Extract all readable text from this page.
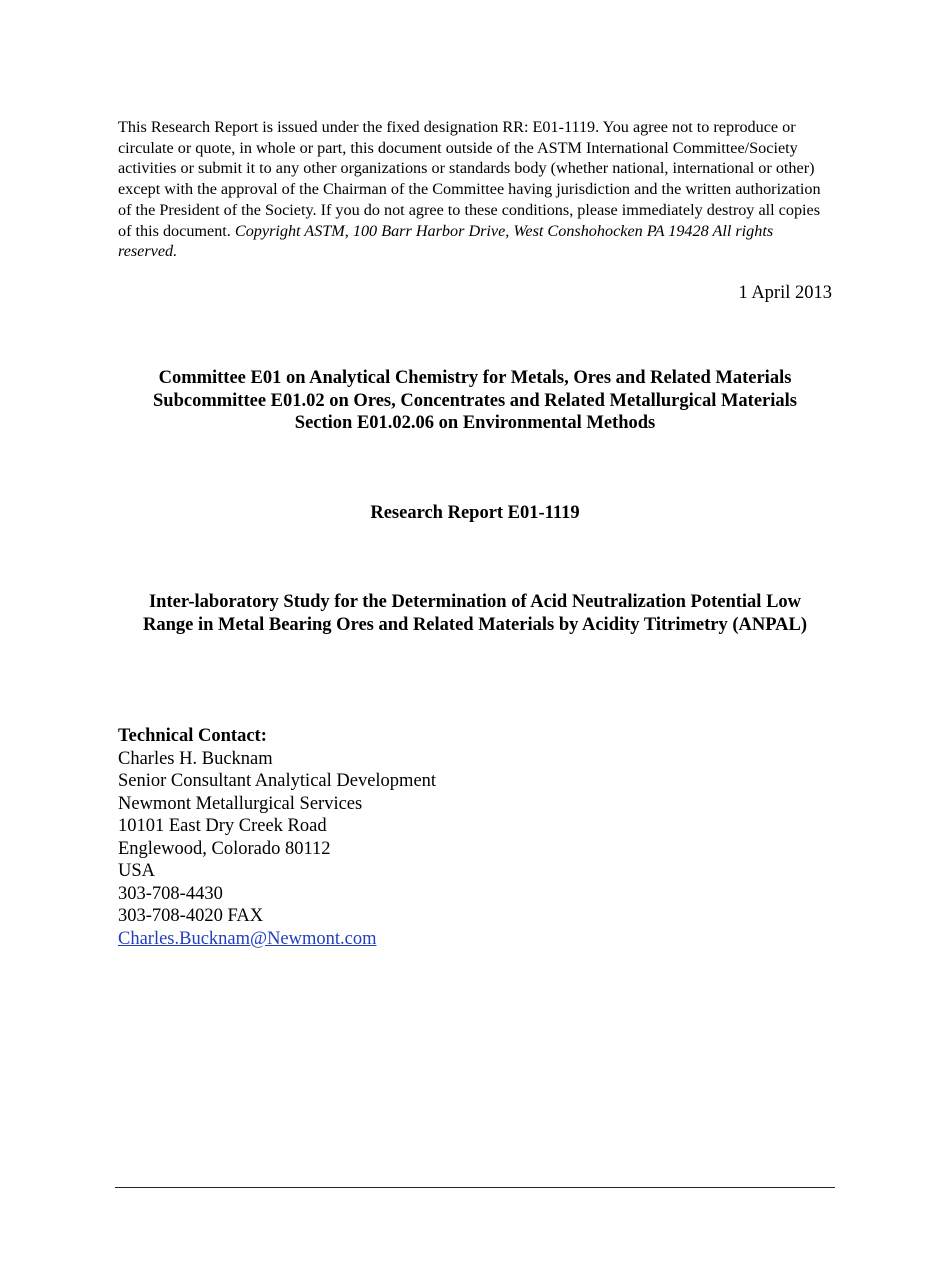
This Research Report is issued under the fixed designation RR: E01-1119. You agree not to reproduce or circulate or quote, in whole or part, this document outside of the ASTM International Committee/Society activities or submit it to any other organizations or standards body (whether national, international or other) except with the approval of the Chairman of the Committee having jurisdiction and the written authorization of the President of the Society. If you do not agree to these conditions, please immediately destroy all copies of this document. Copyright ASTM, 100 Barr Harbor Drive, West Conshohocken PA 19428 All rights reserved.

1 April 2013
Committee E01 on Analytical Chemistry for Metals, Ores and Related Materials
Subcommittee E01.02 on Ores, Concentrates and Related Metallurgical Materials
Section E01.02.06 on Environmental Methods
Research Report E01-1119
Inter-laboratory Study for the Determination of Acid Neutralization Potential Low
Range in Metal Bearing Ores and Related Materials by Acidity Titrimetry (ANPAL)
Technical Contact:
Charles H. Bucknam
Senior Consultant Analytical Development
Newmont Metallurgical Services
10101 East Dry Creek Road
Englewood, Colorado 80112
USA
303-708-4430
303-708-4020 FAX
Charles.Bucknam@Newmont.com
